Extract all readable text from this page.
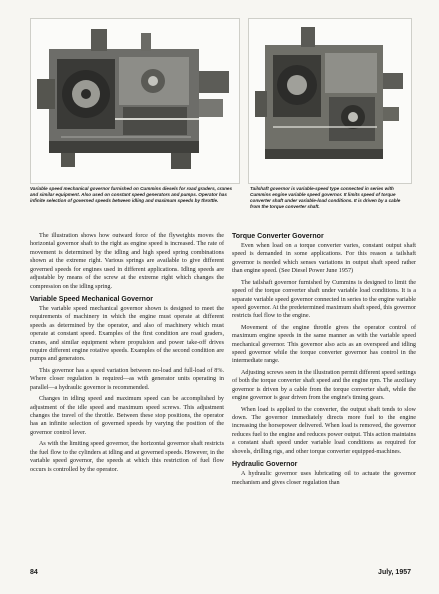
Variable speed mechanical governor furnished on Cummins diesels for road graders, cranes and similar equipment. Also used on constant speed generators and pumps. Operator has infinite selection of governed speeds between idling and maximum speeds by throttle.
Tailshaft governor is variable-speed type connected in series with Cummins engine variable speed governor. It limits speed of torque converter shaft under variable-load conditions. It is driven by a cable from the torque converter shaft.

The illustration shows how outward force of the flyweights moves the horizontal governor shaft to the right as engine speed is increased. The rate of movement is determined by the idling and high speed spring combinations shown at the extreme right. Various springs are available to give different governed speeds for engines used in different applications. Idling speeds are adjustable by means of the screw at the extreme right which changes the compression on the idling spring.

Variable Speed Mechanical Governor

The variable speed mechanical governor shown is designed to meet the requirements of machinery in which the engine must operate at different speeds as determined by the operator, and also of machinery which must operate at constant speed. Examples of the first condition are road graders, cranes, and similar equipment where propulsion and power take-off drives require different engine rotative speeds. Examples of the second condition are pumps and generators.

This governor has a speed variation between no-load and full-load of 8%. Where closer regulation is required—as with generator units operating in parallel—a hydraulic governor is recommended.

Changes in idling speed and maximum speed can be accomplished by adjustment of the idle speed and maximum speed screws. This adjustment changes the travel of the throttle. Between these stop positions, the operator has an infinite selection of governed speeds by varying the position of the governor control lever.

As with the limiting speed governor, the horizontal governor shaft restricts the fuel flow to the cylinders at idling and at governed speeds. However, in the variable speed governor, the speeds at which this restriction of fuel flow occurs is controlled by the operator.

Torque Converter Governor

Even when load on a torque converter varies, constant output shaft speed is demanded in some applications. For this reason a tailshaft governor is needed which senses variations in output shaft speed rather than engine speed. (See Diesel Power June 1957)

The tailshaft governor furnished by Cummins is designed to limit the speed of the torque converter shaft under variable load conditions. It is a separate variable speed governor connected in series to the engine variable speed governor. At the predetermined maximum shaft speed, this governor restricts fuel flow to the engine.

Movement of the engine throttle gives the operator control of maximum engine speeds in the same manner as with the variable speed mechanical governor. This governor also acts as an overspeed and idling speed governor while the torque converter governor has control in the intermediate range.

Adjusting screws seen in the illustration permit different speed settings of both the torque converter shaft speed and the engine rpm. The auxiliary governor is driven by a cable from the torque converter shaft, while the engine governor is gear driven from the engine's timing gears.

When load is applied to the converter, the output shaft tends to slow down. The governor immediately directs more fuel to the engine increasing the horsepower delivered. When load is removed, the governor reduces fuel to the engine and reduces power output. This action maintains a constant shaft speed under variable load conditions as required for shovels, drilling rigs, and other torque converter equipped-machines.

Hydraulic Governor

A hydraulic governor uses lubricating oil to actuate the governor mechanism and gives closer regulation than

84	July, 1957
